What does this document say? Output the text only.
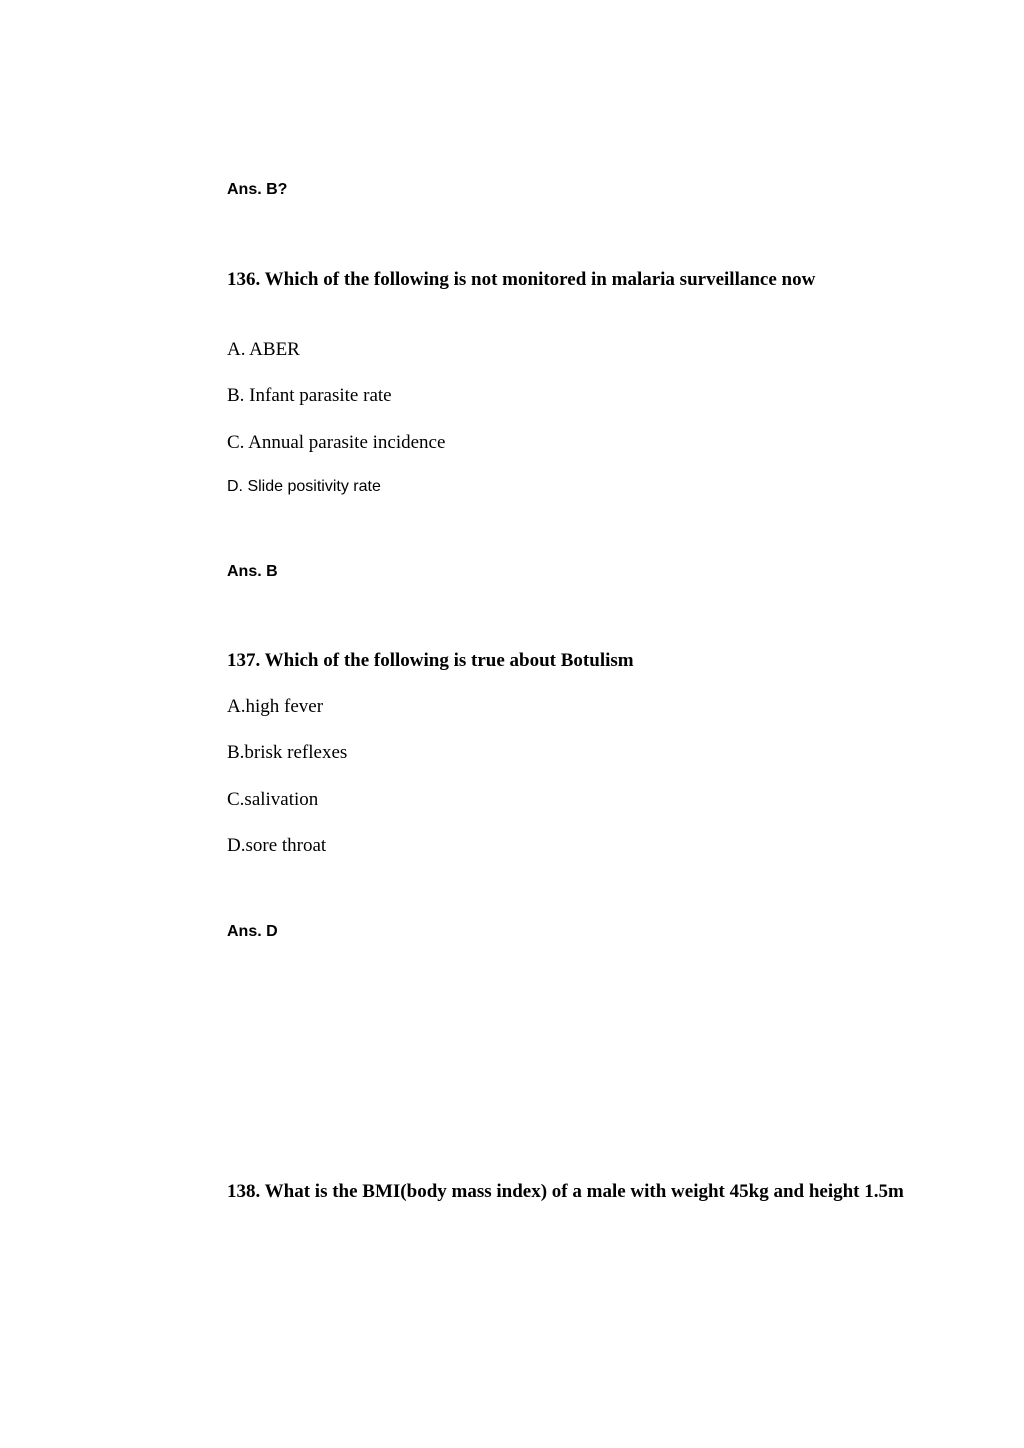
Ans. B?

136. Which of the following is not monitored in malaria surveillance now

A. ABER

B. Infant parasite rate

C. Annual parasite incidence

D. Slide positivity rate

Ans. B

137. Which of the following is true about Botulism

A.high fever

B.brisk reflexes

C.salivation

D.sore throat

Ans. D

138. What is the BMI(body mass index) of a male with weight 45kg and height 1.5m
